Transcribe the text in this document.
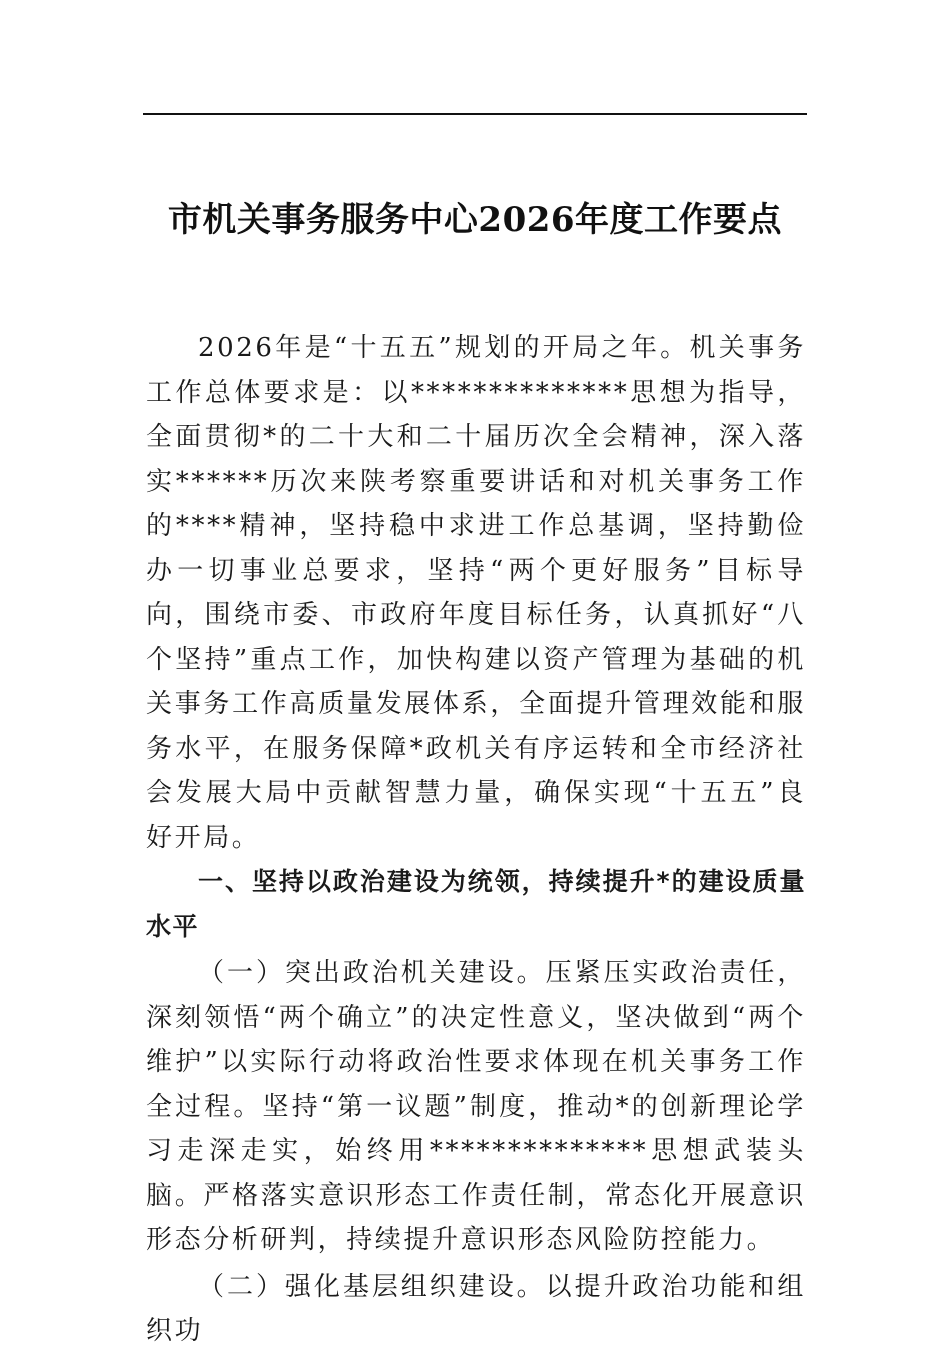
市机关事务服务中心2026年度工作要点

2026年是“十五五”规划的开局之年。机关事务工作总体要求是：以**************思想为指导，全面贯彻*的二十大和二十届历次全会精神，深入落实******历次来陕考察重要讲话和对机关事务工作的****精神，坚持稳中求进工作总基调，坚持勤俭办一切事业总要求，坚持“两个更好服务”目标导向，围绕市委、市政府年度目标任务，认真抓好“八个坚持”重点工作，加快构建以资产管理为基础的机关事务工作高质量发展体系，全面提升管理效能和服务水平，在服务保障*政机关有序运转和全市经济社会发展大局中贡献智慧力量，确保实现“十五五”良好开局。

一、坚持以政治建设为统领，持续提升*的建设质量水平

（一）突出政治机关建设。压紧压实政治责任，深刻领悟“两个确立”的决定性意义，坚决做到“两个维护”以实际行动将政治性要求体现在机关事务工作全过程。坚持“第一议题”制度，推动*的创新理论学习走深走实，始终用**************思想武装头脑。严格落实意识形态工作责任制，常态化开展意识形态分析研判，持续提升意识形态风险防控能力。

（二）强化基层组织建设。以提升政治功能和组织功
